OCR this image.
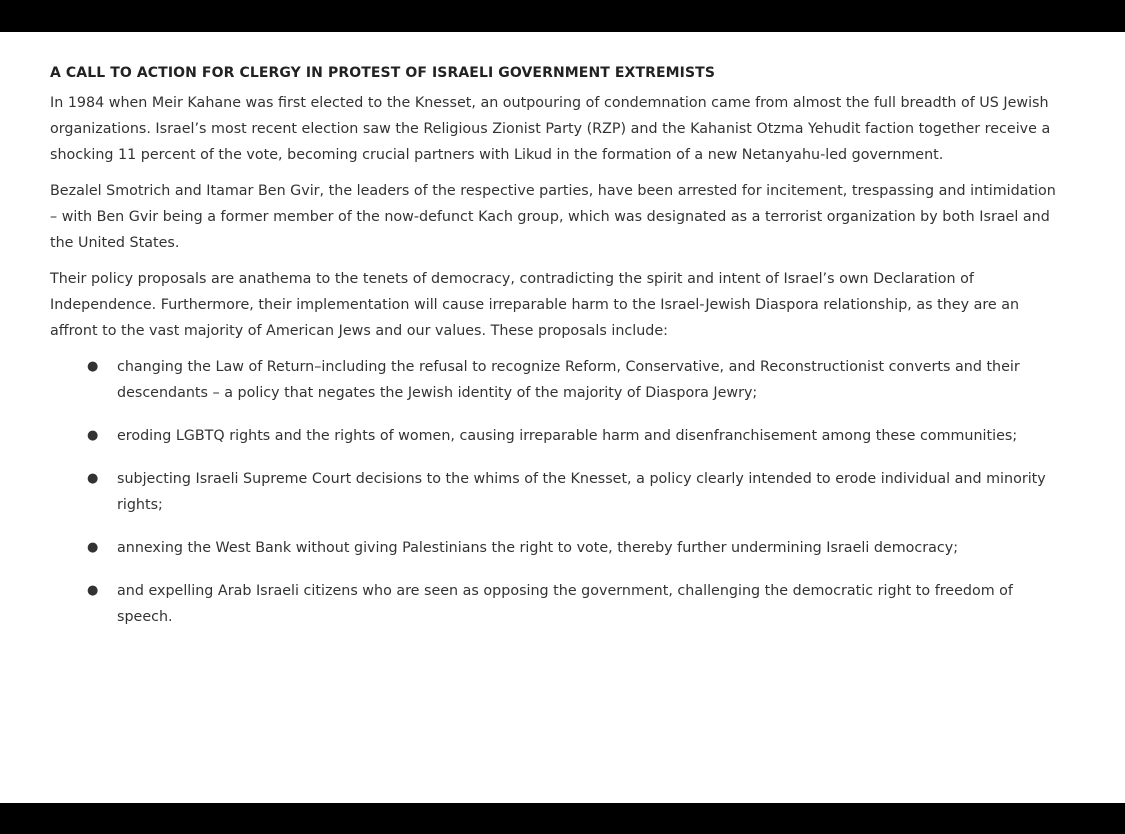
A CALL TO ACTION FOR CLERGY IN PROTEST OF ISRAELI GOVERNMENT EXTREMISTS

In 1984 when Meir Kahane was first elected to the Knesset, an outpouring of condemnation came from almost the full breadth of US Jewish organizations. Israel’s most recent election saw the Religious Zionist Party (RZP) and the Kahanist Otzma Yehudit faction together receive a shocking 11 percent of the vote, becoming crucial partners with Likud in the formation of a new Netanyahu-led government.

Bezalel Smotrich and Itamar Ben Gvir, the leaders of the respective parties, have been arrested for incitement, trespassing and intimidation – with Ben Gvir being a former member of the now-defunct Kach group, which was designated as a terrorist organization by both Israel and the United States.

Their policy proposals are anathema to the tenets of democracy, contradicting the spirit and intent of Israel’s own Declaration of Independence. Furthermore, their implementation will cause irreparable harm to the Israel-Jewish Diaspora relationship, as they are an affront to the vast majority of American Jews and our values. These proposals include:

● changing the Law of Return–including the refusal to recognize Reform, Conservative, and Reconstructionist converts and their descendants – a policy that negates the Jewish identity of the majority of Diaspora Jewry;
● eroding LGBTQ rights and the rights of women, causing irreparable harm and disenfranchisement among these communities;
● subjecting Israeli Supreme Court decisions to the whims of the Knesset, a policy clearly intended to erode individual and minority rights;
● annexing the West Bank without giving Palestinians the right to vote, thereby further undermining Israeli democracy;
● and expelling Arab Israeli citizens who are seen as opposing the government, challenging the democratic right to freedom of speech.
